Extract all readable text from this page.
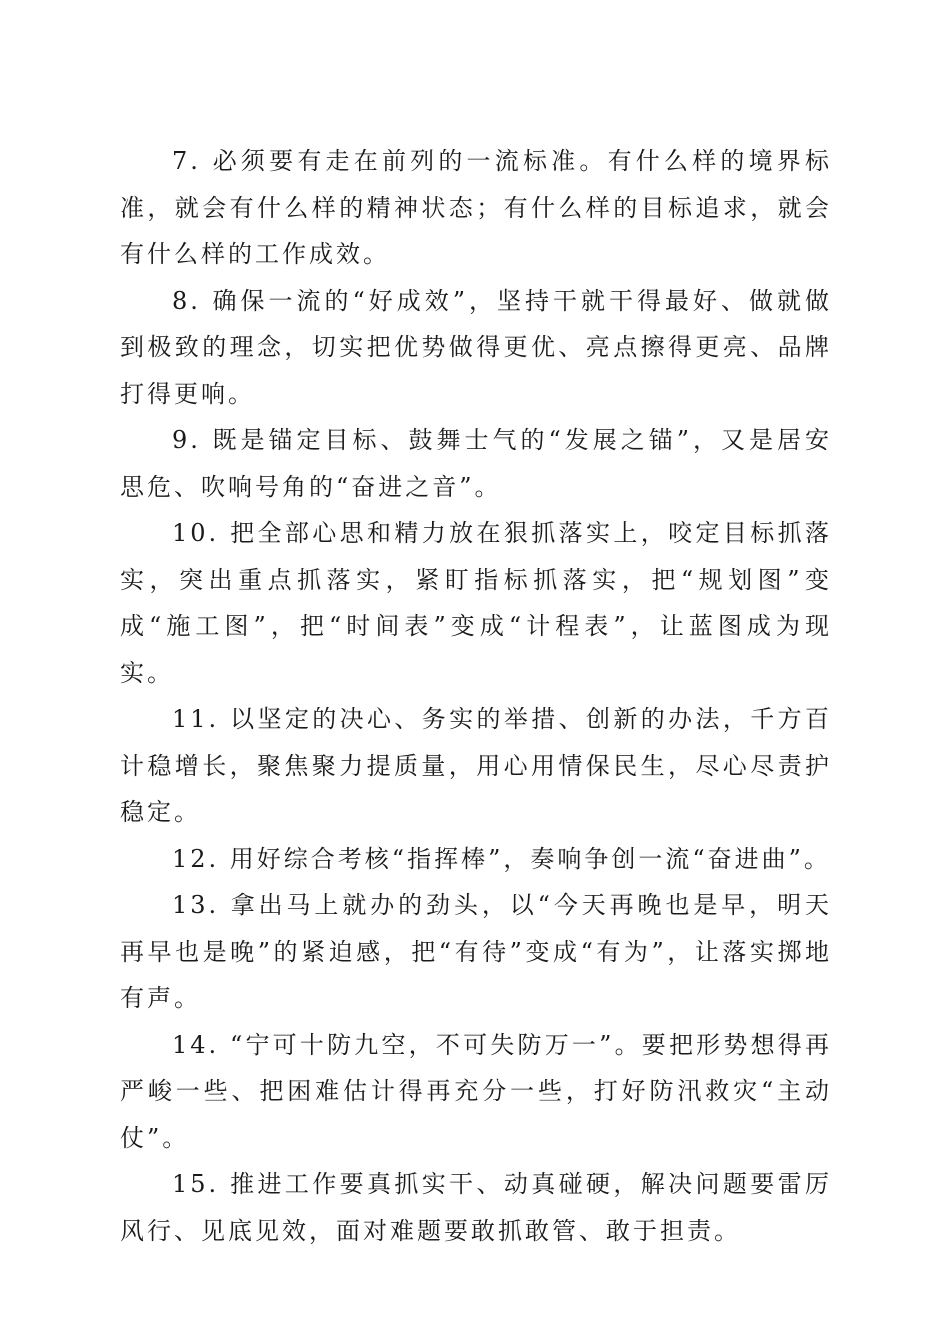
7. 必须要有走在前列的一流标准。有什么样的境界标准，就会有什么样的精神状态；有什么样的目标追求，就会有什么样的工作成效。

8. 确保一流的“好成效”，坚持干就干得最好、做就做到极致的理念，切实把优势做得更优、亮点擦得更亮、品牌打得更响。

9. 既是锚定目标、鼓舞士气的“发展之锚”，又是居安思危、吹响号角的“奋进之音”。

10. 把全部心思和精力放在狠抓落实上，咬定目标抓落实，突出重点抓落实，紧盯指标抓落实，把“规划图”变成“施工图”，把“时间表”变成“计程表”，让蓝图成为现实。

11. 以坚定的决心、务实的举措、创新的办法，千方百计稳增长，聚焦聚力提质量，用心用情保民生，尽心尽责护稳定。

12. 用好综合考核“指挥棒”，奏响争创一流“奋进曲”。

13. 拿出马上就办的劲头，以“今天再晚也是早，明天再早也是晚”的紧迫感，把“有待”变成“有为”，让落实掷地有声。

14. “宁可十防九空，不可失防万一”。要把形势想得再严峻一些、把困难估计得再充分一些，打好防汛救灾“主动仗”。

15. 推进工作要真抓实干、动真碰硬，解决问题要雷厉风行、见底见效，面对难题要敢抓敢管、敢于担责。
